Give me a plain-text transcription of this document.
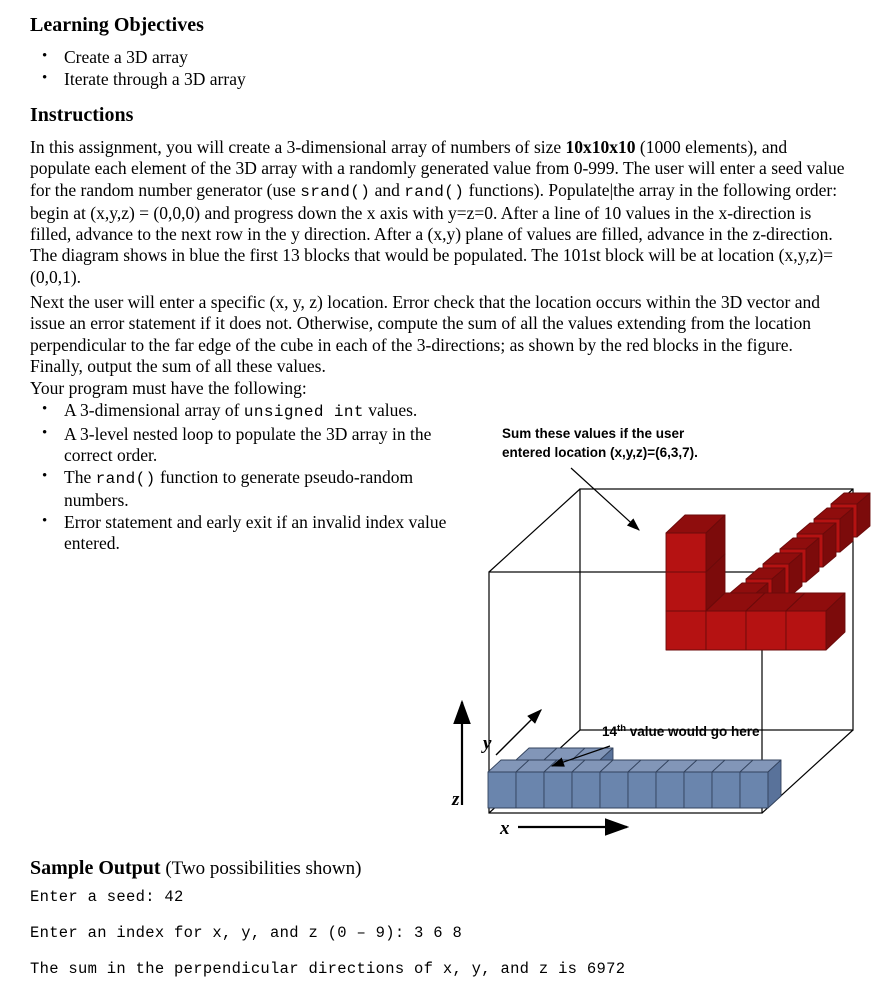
Learning Objectives
• Create a 3D array
• Iterate through a 3D array
Instructions

In this assignment, you will create a 3-dimensional array of numbers of size 10x10x10 (1000 elements), and populate each element of the 3D array with a randomly generated value from 0-999. The user will enter a seed value for the random number generator (use srand() and rand() functions). Populate|the array in the following order: begin at (x,y,z) = (0,0,0) and progress down the x axis with y=z=0. After a line of 10 values in the x-direction is filled, advance to the next row in the y direction. After a (x,y) plane of values are filled, advance in the z-direction. The diagram shows in blue the first 13 blocks that would be populated. The 101st block will be at location (x,y,z)=(0,0,1).

Next the user will enter a specific (x, y, z) location. Error check that the location occurs within the 3D vector and issue an error statement if it does not. Otherwise, compute the sum of all the values extending from the location perpendicular to the far edge of the cube in each of the 3-directions; as shown by the red blocks in the figure. Finally, output the sum of all these values.

Your program must have the following:

• A 3-dimensional array of unsigned int values.
• A 3-level nested loop to populate the 3D array in the correct order.
• The rand() function to generate pseudo-random numbers.
• Error statement and early exit if an invalid index value entered.
Sum these values if the user
entered location (x,y,z)=(6,3,7).
14th value would go here
z
x
y
Sample Output (Two possibilities shown)
Enter a seed: 42
Enter an index for x, y, and z (0 – 9): 3 6 8
The sum in the perpendicular directions of x, y, and z is 6972
